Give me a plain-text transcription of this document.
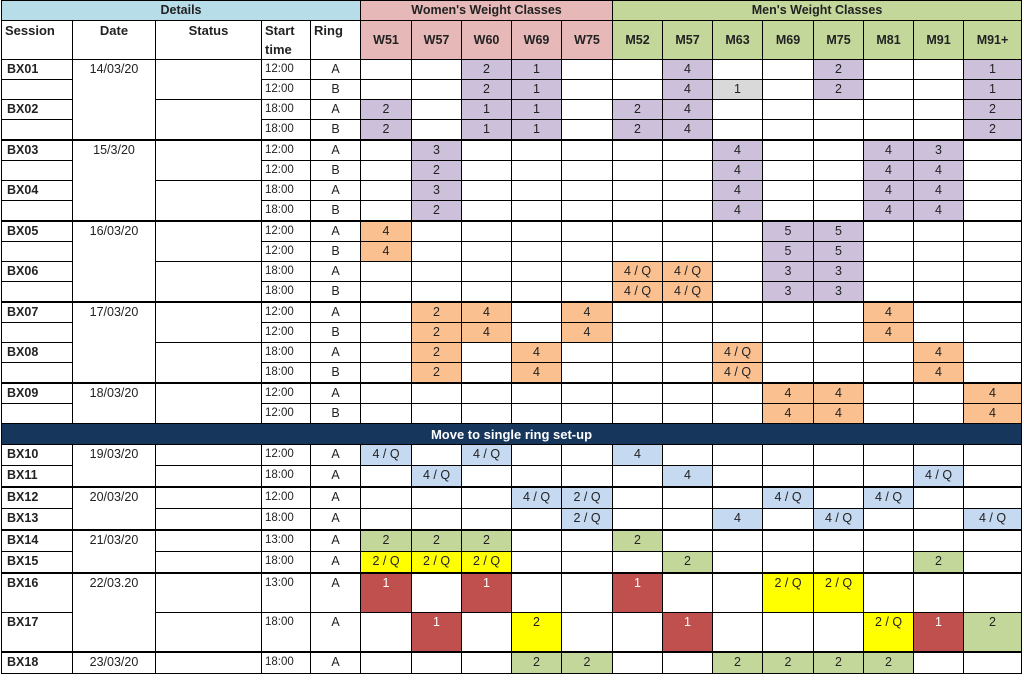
Details					Women's Weight Classes					Men's Weight Classes							
Session	Date	Status	Start time	Ring	W51	W57	W60	W69	W75	M52	M57	M63	M69	M75	M81	M91	M91+
BX01	14/03/20		12:00	A			2	1			4			2			1
			12:00	B			2	1			4	1		2			1
BX02			18:00	A	2		1	1		2	4						2
			18:00	B	2		1	1		2	4						2
BX03	15/3/20		12:00	A		3						4			4	3	
			12:00	B		2						4			4	4	
BX04			18:00	A		3						4			4	4	
			18:00	B		2						4			4	4	
BX05	16/03/20		12:00	A	4								5	5			
			12:00	B	4								5	5			
BX06			18:00	A						4 / Q	4 / Q		3	3			
			18:00	B						4 / Q	4 / Q		3	3			
BX07	17/03/20		12:00	A		2	4		4						4		
			12:00	B		2	4		4						4		
BX08			18:00	A		2		4				4 / Q				4	
			18:00	B		2		4				4 / Q				4	
BX09	18/03/20		12:00	A									4	4			4
			12:00	B									4	4			4
Move to single ring set-up																	
BX10	19/03/20		12:00	A	4 / Q		4 / Q			4							
BX11			18:00	A		4 / Q					4					4 / Q	
BX12	20/03/20		12:00	A				4 / Q	2 / Q				4 / Q		4 / Q		
BX13			18:00	A					2 / Q			4		4 / Q			4 / Q
BX14	21/03/20		13:00	A	2	2	2			2							
BX15			18:00	A	2 / Q	2 / Q	2 / Q				2					2	
BX16	22/03.20		13:00	A	1		1			1			2 / Q	2 / Q			
BX17			18:00	A		1		2			1				2 / Q	1	2
BX18	23/03/20		18:00	A				2	2			2	2	2	2		
